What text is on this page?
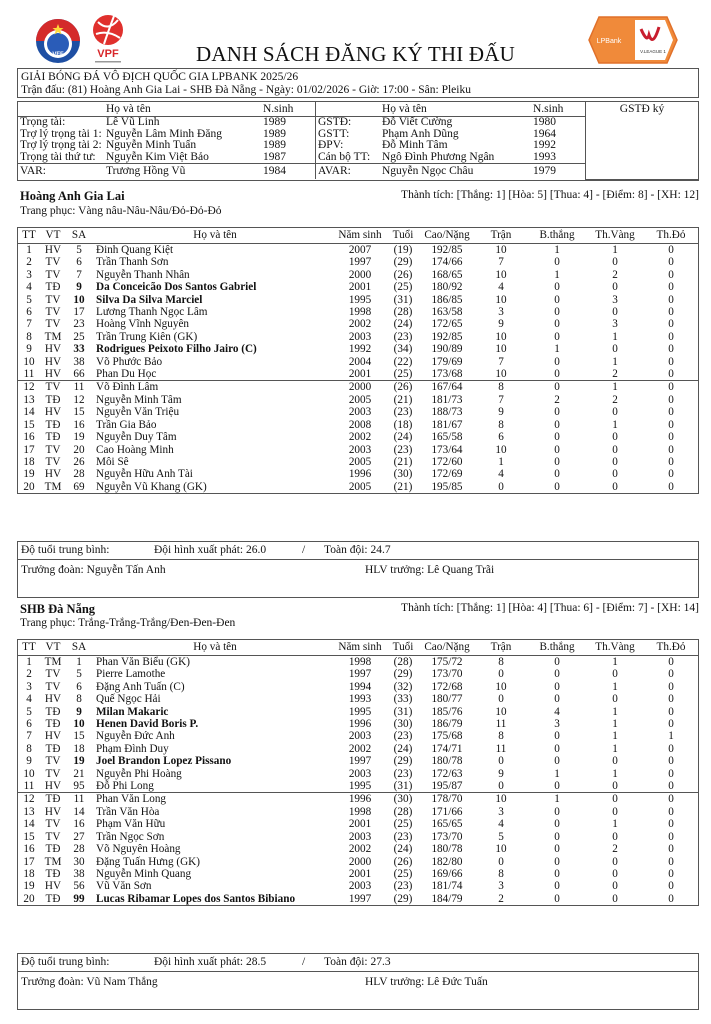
VFF	VPF
LPBank
V.LEAGUE 1
DANH SÁCH ĐĂNG KÝ THI ĐẤU
GIẢI BÓNG ĐÁ VÔ ĐỊCH QUỐC GIA LPBANK 2025/26
Trận đấu: (81) Hoàng Anh Gia Lai - SHB Đà Nẵng - Ngày: 01/02/2026 - Giờ: 17:00 - Sân: Pleiku
	Họ và tên	N.sinh		Họ và tên	N.sinh	GSTĐ ký
Trọng tài:	Lê Vũ Linh	1989	GSTĐ:	Đỗ Viết Cường	1980	
Trợ lý trọng tài 1:	Nguyễn Lâm Minh Đăng	1989	GSTT:	Phạm Anh Dũng	1964	
Trợ lý trọng tài 2:	Nguyễn Minh Tuấn	1989	ĐPV:	Đỗ Minh Tâm	1992	
Trọng tài thứ tư:	Nguyễn Kim Việt Bảo	1987	Cán bộ TT:	Ngô Đình Phương Ngân	1993	
VAR:	Trương Hồng Vũ	1984	AVAR:	Nguyễn Ngọc Châu	1979	
Hoàng Anh Gia Lai	Thành tích: [Thắng: 1] [Hòa: 5] [Thua: 4] - [Điểm: 8] - [XH: 12]
Trang phục: Vàng nâu-Nâu-Nâu/Đỏ-Đỏ-Đỏ
TT	VT	SA	Họ và tên	Năm sinh	Tuổi	Cao/Nặng	Trận	B.thắng	Th.Vàng	Th.Đỏ
1	HV	5	Đinh Quang Kiệt	2007	(19)	192/85	10	1	1	0
2	TV	6	Trần Thanh Sơn	1997	(29)	174/66	7	0	0	0
3	TV	7	Nguyễn Thanh Nhân	2000	(26)	168/65	10	1	2	0
4	TĐ	9	Da Conceicão Dos Santos Gabriel	2001	(25)	180/92	4	0	0	0
5	TV	10	Silva Da Silva Marciel	1995	(31)	186/85	10	0	3	0
6	TV	17	Lương Thanh Ngọc Lâm	1998	(28)	163/58	3	0	0	0
7	TV	23	Hoàng Vĩnh Nguyên	2002	(24)	172/65	9	0	3	0
8	TM	25	Trần Trung Kiên (GK)	2003	(23)	192/85	10	0	1	0
9	HV	33	Rodrigues Peixoto Filho Jairo (C)	1992	(34)	190/89	10	1	0	0
10	HV	38	Võ Phước Bảo	2004	(22)	179/69	7	0	1	0
11	HV	66	Phan Du Học	2001	(25)	173/68	10	0	2	0
12	TV	11	Võ Đình Lâm	2000	(26)	167/64	8	0	1	0
13	TĐ	12	Nguyễn Minh Tâm	2005	(21)	181/73	7	2	2	0
14	HV	15	Nguyễn Văn Triệu	2003	(23)	188/73	9	0	0	0
15	TĐ	16	Trần Gia Bảo	2008	(18)	181/67	8	0	1	0
16	TĐ	19	Nguyễn Duy Tâm	2002	(24)	165/58	6	0	0	0
17	TV	20	Cao Hoàng Minh	2003	(23)	173/64	10	0	0	0
18	TV	26	Môi Sê	2005	(21)	172/60	1	0	0	0
19	HV	28	Nguyễn Hữu Anh Tài	1996	(30)	172/69	4	0	0	0
20	TM	69	Nguyễn Vũ Khang (GK)	2005	(21)	195/85	0	0	0	0
Độ tuổi trung bình:	Đội hình xuất phát: 26.0	/ Toàn đội: 24.7
Trưởng đoàn: Nguyễn Tấn Anh	HLV trưởng: Lê Quang Trãi
SHB Đà Nẵng	Thành tích: [Thắng: 1] [Hòa: 4] [Thua: 6] - [Điểm: 7] - [XH: 14]
Trang phục: Trắng-Trắng-Trắng/Đen-Đen-Đen
TT	VT	SA	Họ và tên	Năm sinh	Tuổi	Cao/Nặng	Trận	B.thắng	Th.Vàng	Th.Đỏ
1	TM	1	Phan Văn Biểu (GK)	1998	(28)	175/72	8	0	1	0
2	TV	5	Pierre Lamothe	1997	(29)	173/70	0	0	0	0
3	TV	6	Đặng Anh Tuấn (C)	1994	(32)	172/68	10	0	1	0
4	HV	8	Quế Ngọc Hải	1993	(33)	180/77	0	0	0	0
5	TĐ	9	Milan Makaric	1995	(31)	185/76	10	4	1	0
6	TĐ	10	Henen David Boris P.	1996	(30)	186/79	11	3	1	0
7	HV	15	Nguyễn Đức Anh	2003	(23)	175/68	8	0	1	1
8	TĐ	18	Phạm Đình Duy	2002	(24)	174/71	11	0	1	0
9	TV	19	Joel Brandon Lopez Pissano	1997	(29)	180/78	0	0	0	0
10	TV	21	Nguyễn Phi Hoàng	2003	(23)	172/63	9	1	1	0
11	HV	95	Đỗ Phi Long	1995	(31)	195/87	0	0	0	0
12	TĐ	11	Phan Văn Long	1996	(30)	178/70	10	1	0	0
13	HV	14	Trần Văn Hòa	1998	(28)	171/66	3	0	0	0
14	TV	16	Phạm Văn Hữu	2001	(25)	165/65	4	0	1	0
15	TV	27	Trần Ngọc Sơn	2003	(23)	173/70	5	0	0	0
16	TĐ	28	Võ Nguyên Hoàng	2002	(24)	180/78	10	0	2	0
17	TM	30	Đặng Tuấn Hưng (GK)	2000	(26)	182/80	0	0	0	0
18	TĐ	38	Nguyễn Minh Quang	2001	(25)	169/66	8	0	0	0
19	HV	56	Vũ Văn Sơn	2003	(23)	181/74	3	0	0	0
20	TĐ	99	Lucas Ribamar Lopes dos Santos Bibiano	1997	(29)	184/79	2	0	0	0
Độ tuổi trung bình:	Đội hình xuất phát: 28.5	/ Toàn đội: 27.3
Trưởng đoàn: Vũ Nam Thắng	HLV trưởng: Lê Đức Tuấn
